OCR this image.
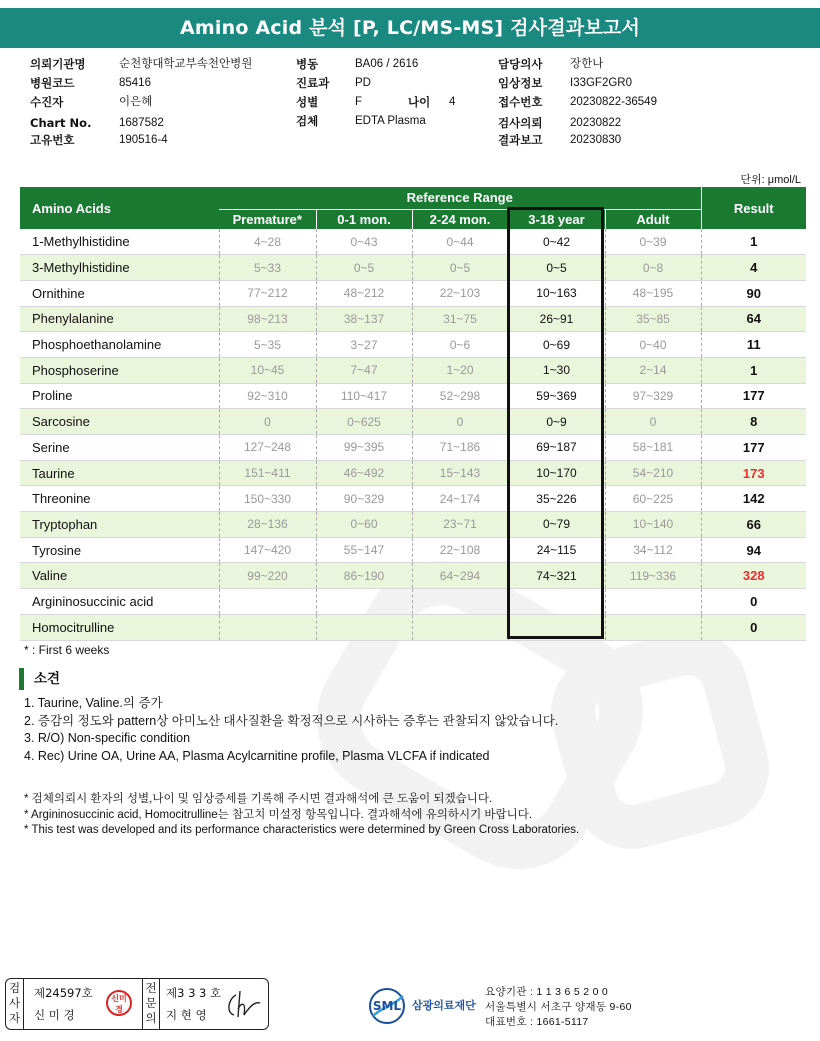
Amino Acid 분석 [P, LC/MS-MS] 검사결과보고서
의뢰기관명	순천향대학교부속천안병원
병원코드	85416
수진자	이은혜
Chart No. 1687582
고유번호	190516-4
병동	BA06 / 2616
진료과 PD
성별	F	나이 4
검체	EDTA Plasma
담당의사 장한나
임상정보 I33GF2GR0
접수번호 20230822-36549
검사의뢰 20230822
결과보고 20230830
단위: μmol/L
Amino Acids	Reference Range					Result
	Premature*	0-1 mon.	2-24 mon.	3-18 year	Adult	
1-Methylhistidine	4~28	0~43	0~44	0~42	0~39	1
3-Methylhistidine	5~33	0~5	0~5	0~5	0~8	4
Ornithine	77~212	48~212	22~103	10~163	48~195	90
Phenylalanine	98~213	38~137	31~75	26~91	35~85	64
Phosphoethanolamine	5~35	3~27	0~6	0~69	0~40	11
Phosphoserine	10~45	7~47	1~20	1~30	2~14	1
Proline	92~310	110~417	52~298	59~369	97~329	177
Sarcosine	0	0~625	0	0~9	0	8
Serine	127~248	99~395	71~186	69~187	58~181	177
Taurine	151~411	46~492	15~143	10~170	54~210	173
Threonine	150~330	90~329	24~174	35~226	60~225	142
Tryptophan	28~136	0~60	23~71	0~79	10~140	66
Tyrosine	147~420	55~147	22~108	24~115	34~112	94
Valine	99~220	86~190	64~294	74~321	119~336	328
Argininosuccinic acid						0
Homocitrulline						0
* : First 6 weeks
소견
1. Taurine, Valine.의 증가
2. 증감의 정도와 pattern상 아미노산 대사질환을 확정적으로 시사하는 증후는 관찰되지 않았습니다.
3. R/O) Non-specific condition
4. Rec) Urine OA, Urine AA, Plasma Acylcarnitine profile, Plasma VLCFA if indicated
* 검체의뢰시 환자의 성별,나이 및 임상증세를 기록해 주시면 결과해석에 큰 도움이 되겠습니다.
* Argininosuccinic acid, Homocitrulline는 참고치 미설정 항목입니다. 결과해석에 유의하시기 바랍니다.
* This test was developed and its performance characteristics were determined by Green Cross Laboratories.
검사자
제24597호
신 미 경
신미경
전문의
제3 3 3 호
지 현 영
SML 삼광의료재단
요양기관 : 1 1 3 6 5 2 0 0
서울특별시 서초구 양재동 9-60
대표번호 : 1661-5117
